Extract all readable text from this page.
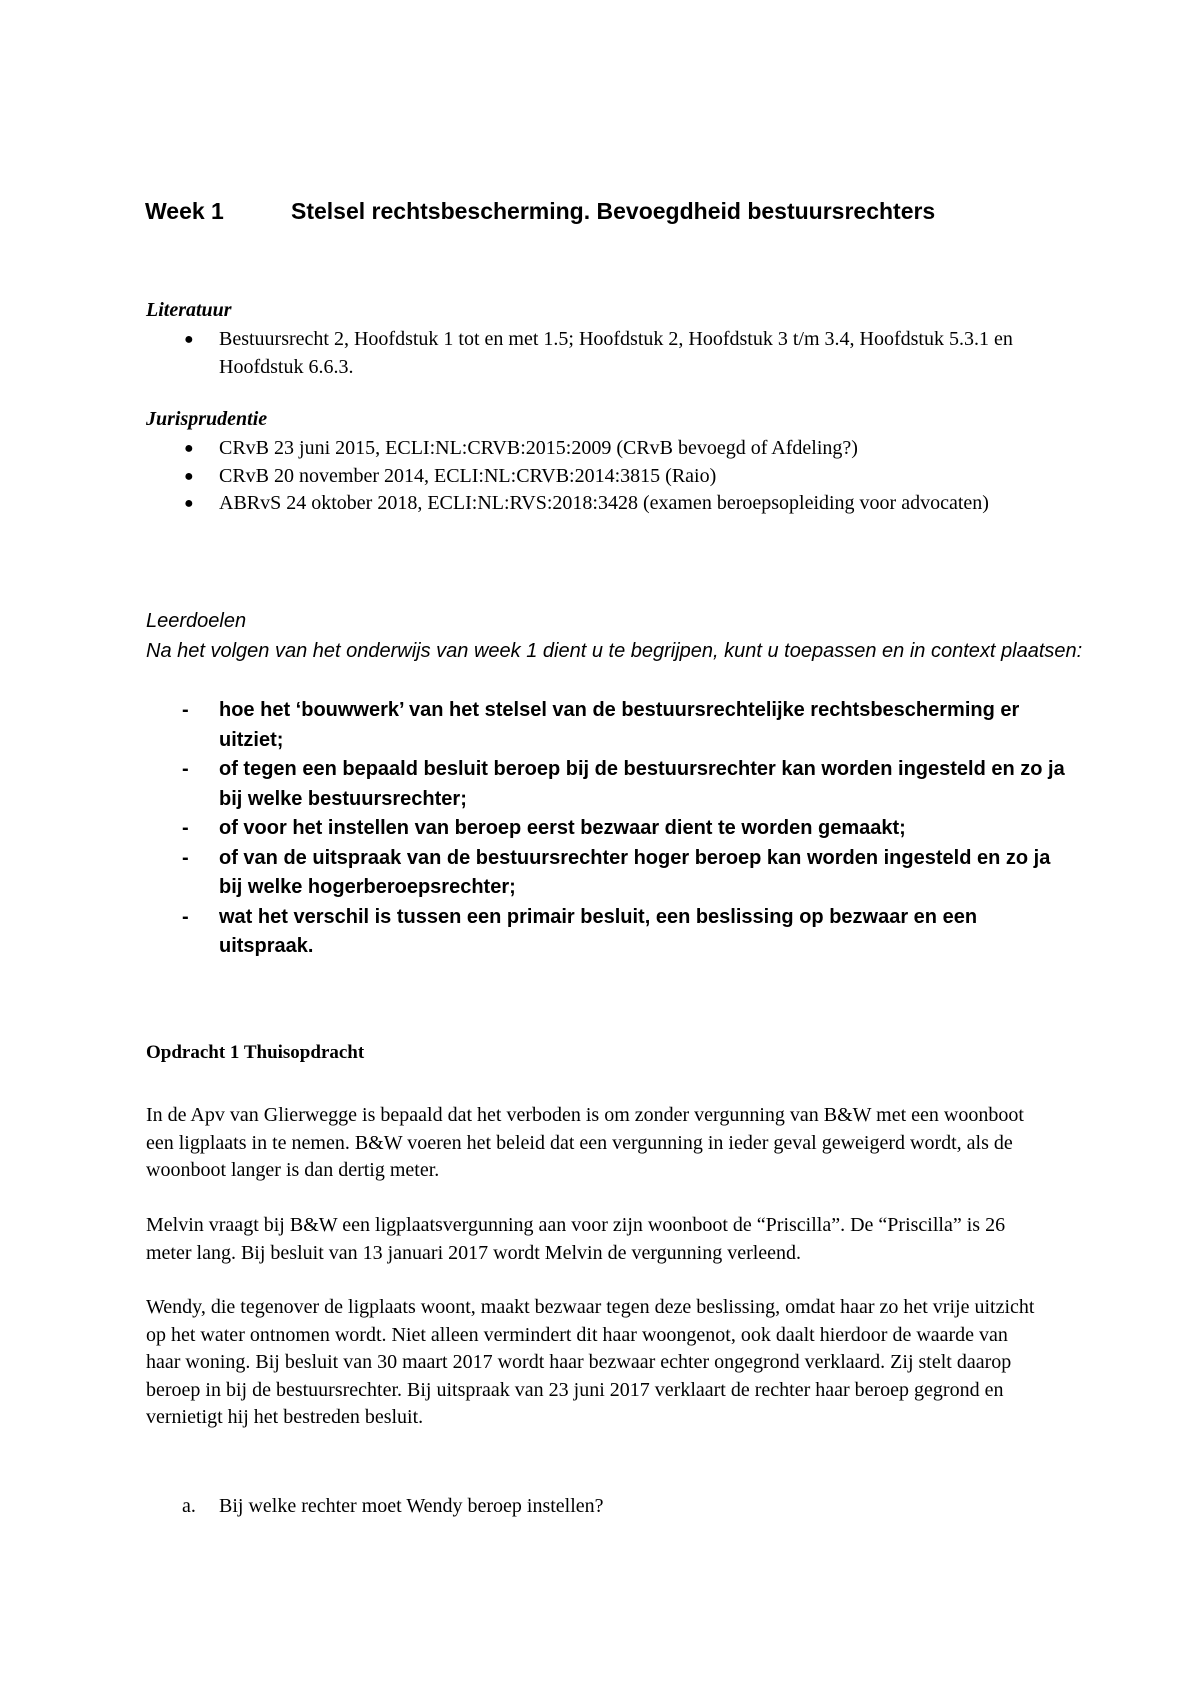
Week 1	Stelsel rechtsbescherming. Bevoegdheid bestuursrechters
Literatuur
● Bestuursrecht 2, Hoofdstuk 1 tot en met 1.5; Hoofdstuk 2, Hoofdstuk 3 t/m 3.4, Hoofdstuk 5.3.1 en Hoofdstuk 6.6.3.
Jurisprudentie
● CRvB 23 juni 2015, ECLI:NL:CRVB:2015:2009 (CRvB bevoegd of Afdeling?)
● CRvB 20 november 2014, ECLI:NL:CRVB:2014:3815 (Raio)
● ABRvS 24 oktober 2018, ECLI:NL:RVS:2018:3428 (examen beroepsopleiding voor advocaten)
Leerdoelen
Na het volgen van het onderwijs van week 1 dient u te begrijpen, kunt u toepassen en in context plaatsen:
- hoe het ‘bouwwerk’ van het stelsel van de bestuursrechtelijke rechtsbescherming er uitziet;
- of tegen een bepaald besluit beroep bij de bestuursrechter kan worden ingesteld en zo ja bij welke bestuursrechter;
- of voor het instellen van beroep eerst bezwaar dient te worden gemaakt;
- of van de uitspraak van de bestuursrechter hoger beroep kan worden ingesteld en zo ja bij welke hogerberoepsrechter;
- wat het verschil is tussen een primair besluit, een beslissing op bezwaar en een uitspraak.
Opdracht 1 Thuisopdracht

In de Apv van Glierwegge is bepaald dat het verboden is om zonder vergunning van B&W met een woonboot een ligplaats in te nemen. B&W voeren het beleid dat een vergunning in ieder geval geweigerd wordt, als de woonboot langer is dan dertig meter.

Melvin vraagt bij B&W een ligplaatsvergunning aan voor zijn woonboot de “Priscilla”. De “Priscilla” is 26 meter lang. Bij besluit van 13 januari 2017 wordt Melvin de vergunning verleend.

Wendy, die tegenover de ligplaats woont, maakt bezwaar tegen deze beslissing, omdat haar zo het vrije uitzicht op het water ontnomen wordt. Niet alleen vermindert dit haar woongenot, ook daalt hierdoor de waarde van haar woning. Bij besluit van 30 maart 2017 wordt haar bezwaar echter ongegrond verklaard. Zij stelt daarop beroep in bij de bestuursrechter. Bij uitspraak van 23 juni 2017 verklaart de rechter haar beroep gegrond en vernietigt hij het bestreden besluit.

a. Bij welke rechter moet Wendy beroep instellen?
